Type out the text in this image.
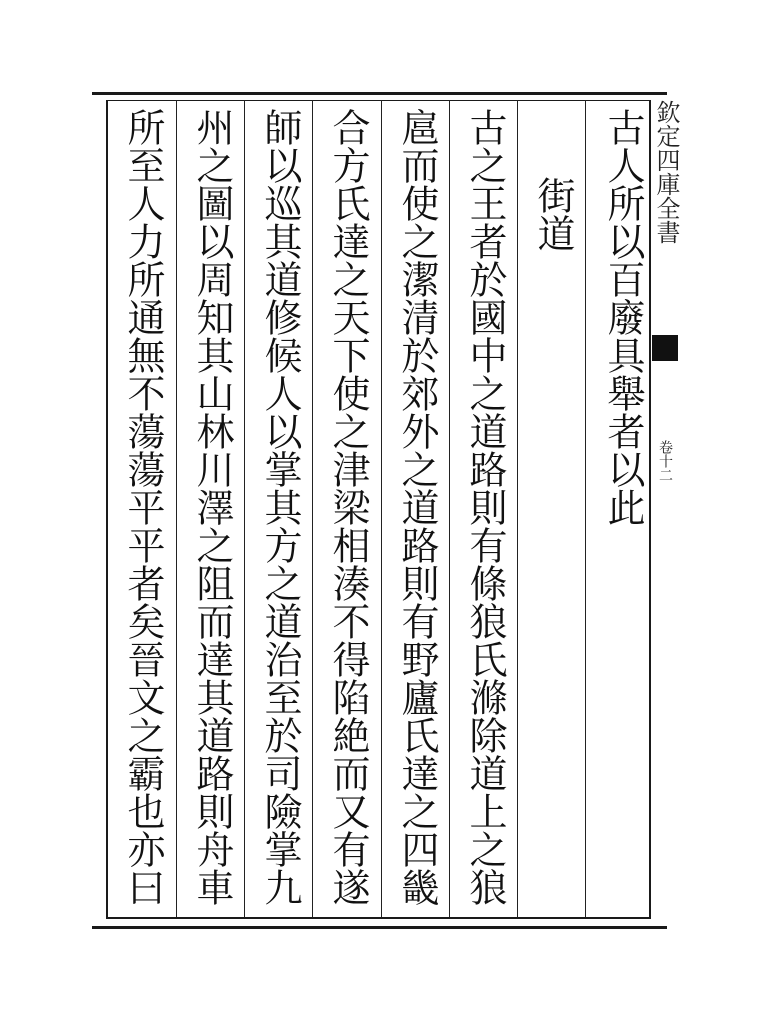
欽定四庫全書
卷十二
古人所以百廢具舉者以此
街道
古之王者於國中之道路則有條狼氏滌除道上之狼
扈而使之潔清於郊外之道路則有野廬氏達之四畿
合方氏達之天下使之津梁相湊不得陷絶而又有遂
師以巡其道修候人以掌其方之道治至於司險掌九
州之圖以周知其山林川澤之阻而達其道路則舟車
所至人力所通無不蕩蕩平平者矣晉文之霸也亦曰
